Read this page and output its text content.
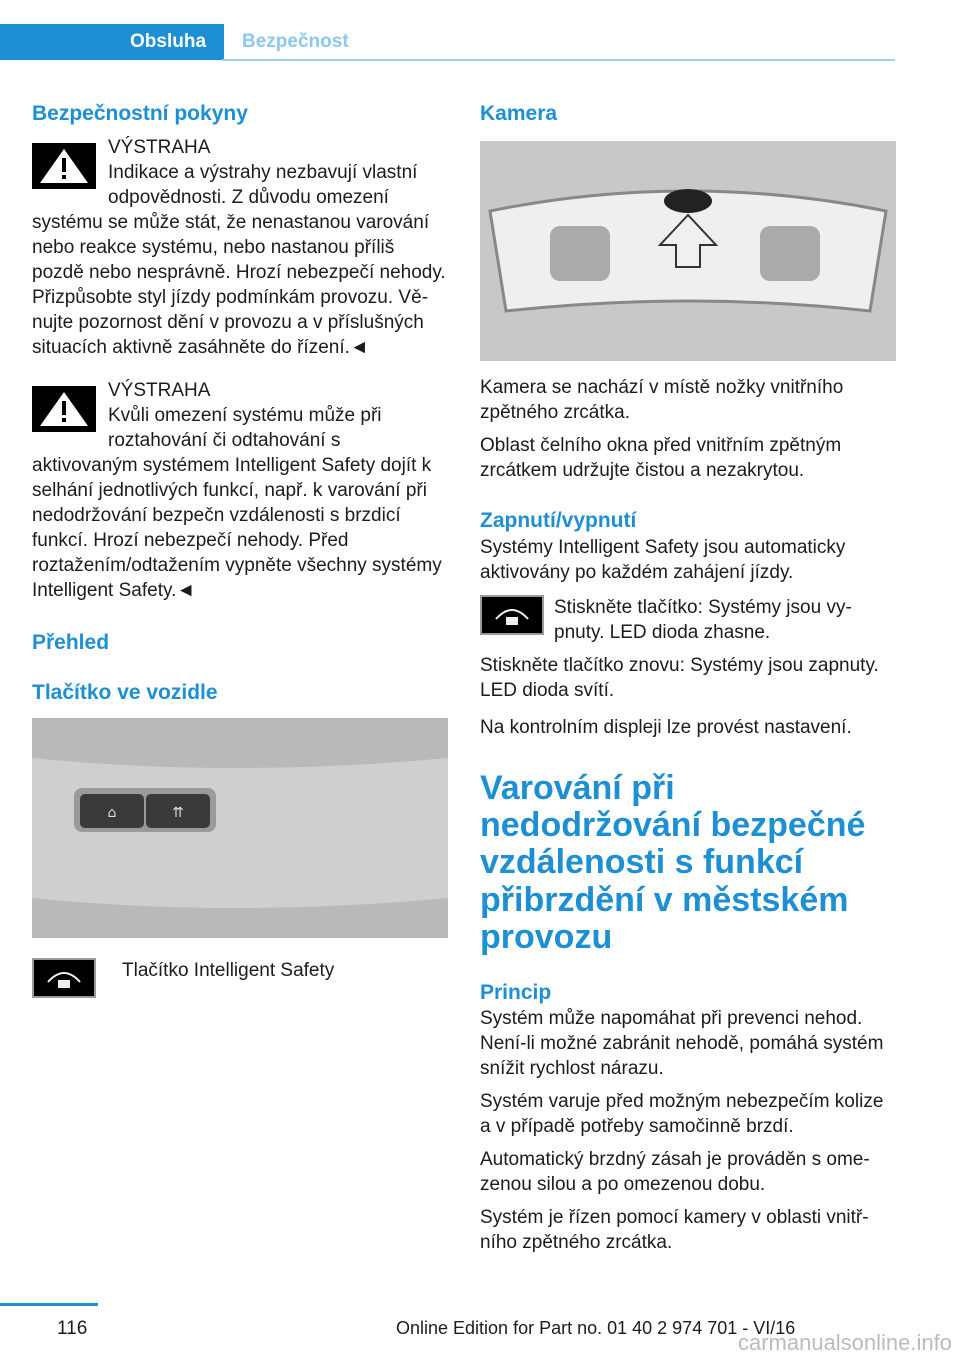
Obsluha	Bezpečnost
Bezpečnostní pokyny
VÝSTRAHA

Indikace a výstrahy nezbavují vlastní odpovědnosti. Z důvodu omezení systému se může stát, že nenastanou varování nebo reakce systému, nebo nastanou příliš pozdě nebo nesprávně. Hrozí nebezpečí nehody. Přizpůsobte styl jízdy podmínkám provozu. Věnujte pozornost dění v provozu a v příslušných situacích aktivně zasáhněte do řízení.◄

VÝSTRAHA

Kvůli omezení systému může při roztahování či odtahování s aktivovaným systémem Intelligent Safety dojít k selhání jednotlivých funkcí, např. k varování při nedodržování bezpečn vzdálenosti s brzdicí funkcí. Hrozí nebezpečí nehody. Před roztažením/odtažením vypněte všechny systémy Intelligent Safety.◄

Přehled
Tlačítko ve vozidle
⌂	⇈

Tlačítko Intelligent Safety

Kamera

Kamera se nachází v místě nožky vnitřního zpětného zrcátka.

Oblast čelního okna před vnitřním zpětným zrcátkem udržujte čistou a nezakrytou.

Zapnutí/vypnutí

Systémy Intelligent Safety jsou automaticky aktivovány po každém zahájení jízdy.

Stiskněte tlačítko: Systémy jsou vypnuty. LED dioda zhasne.

Stiskněte tlačítko znovu: Systémy jsou zapnuty. LED dioda svítí.

Na kontrolním displeji lze provést nastavení.

Varování při nedodržování bezpečné vzdálenosti s funkcí přibrzdění v městském provozu
Princip

Systém může napomáhat při prevenci nehod. Není-li možné zabránit nehodě, pomáhá systém snížit rychlost nárazu.

Systém varuje před možným nebezpečím kolize a v případě potřeby samočinně brzdí.

Automatický brzdný zásah je prováděn s omezenou silou a po omezenou dobu.

Systém je řízen pomocí kamery v oblasti vnitřního zpětného zrcátka.

116	Online Edition for Part no. 01 40 2 974 701 - VI/16
carmanualsonline.info
